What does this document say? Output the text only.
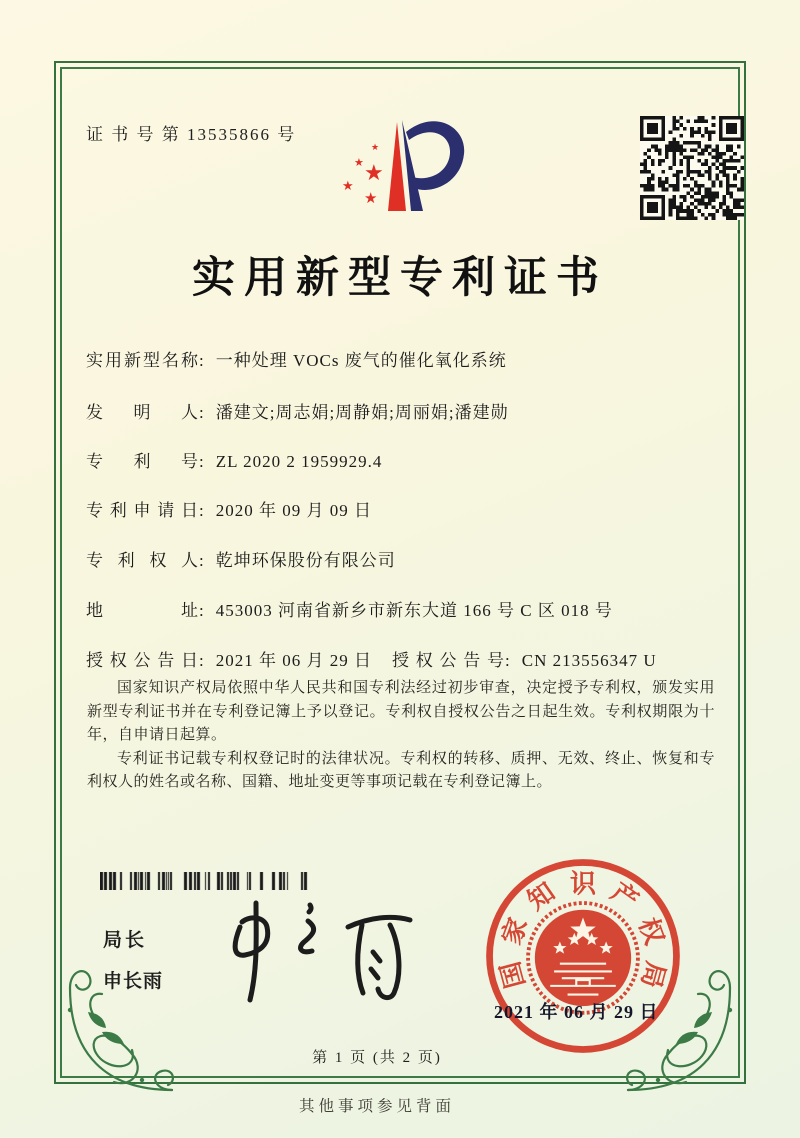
证 书 号 第 13535866 号
★
★ ★
★
★
实用新型专利证书
实用新型名称: 一种处理 VOCs 废气的催化氧化系统
发明人: 潘建文;周志娟;周静娟;周丽娟;潘建勋
专利号: ZL 2020 2 1959929.4
专利申请日: 2020 年 09 月 09 日
专利权人: 乾坤环保股份有限公司
地址: 453003 河南省新乡市新东大道 166 号 C 区 018 号
授权公告日: 2021 年 06 月 29 日 授权公告号: CN 213556347 U

国家知识产权局依照中华人民共和国专利法经过初步审查，决定授予专利权，颁发实用新型专利证书并在专利登记簿上予以登记。专利权自授权公告之日起生效。专利权期限为十年，自申请日起算。

专利证书记载专利权登记时的法律状况。专利权的转移、质押、无效、终止、恢复和专利权人的姓名或名称、国籍、地址变更等事项记载在专利登记簿上。

局长
申长雨	国
家
知 识 产
权
局
2021 年 06 月 29 日
第 1 页 (共 2 页)
其他事项参见背面
